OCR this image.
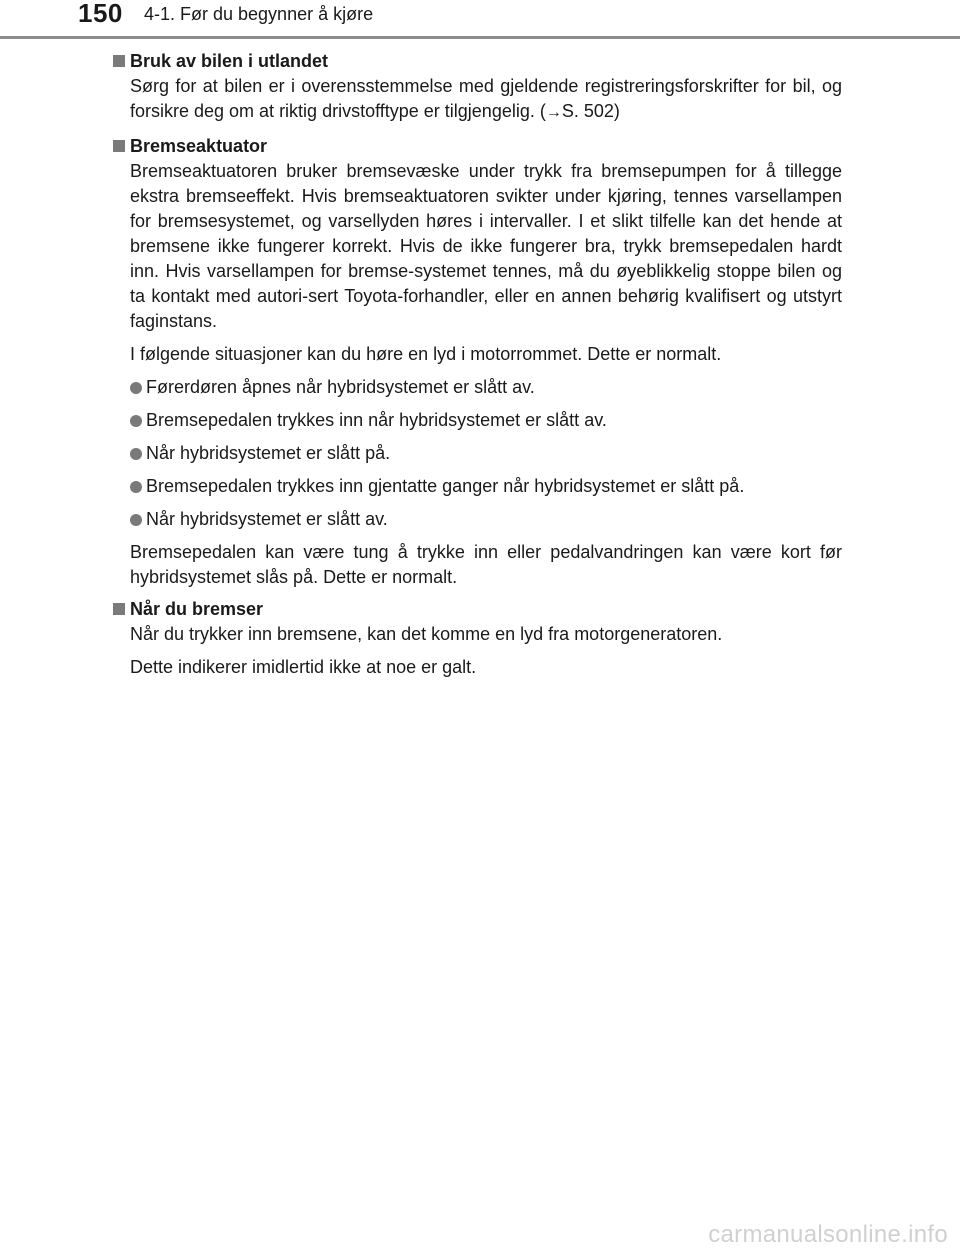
150 4-1. Før du begynner å kjøre
Bruk av bilen i utlandet

Sørg for at bilen er i overensstemmelse med gjeldende registreringsforskrifter for bil, og forsikre deg om at riktig drivstofftype er tilgjengelig. (→S. 502)

Bremseaktuator

Bremseaktuatoren bruker bremsevæske under trykk fra bremsepumpen for å tillegge ekstra bremseeffekt. Hvis bremseaktuatoren svikter under kjøring, tennes varsellampen for bremsesystemet, og varsellyden høres i intervaller. I et slikt tilfelle kan det hende at bremsene ikke fungerer korrekt. Hvis de ikke fungerer bra, trykk bremsepedalen hardt inn. Hvis varsellampen for bremse-systemet tennes, må du øyeblikkelig stoppe bilen og ta kontakt med autori-sert Toyota-forhandler, eller en annen behørig kvalifisert og utstyrt faginstans.

I følgende situasjoner kan du høre en lyd i motorrommet. Dette er normalt.

Førerdøren åpnes når hybridsystemet er slått av.
Bremsepedalen trykkes inn når hybridsystemet er slått av.
Når hybridsystemet er slått på.
Bremsepedalen trykkes inn gjentatte ganger når hybridsystemet er slått på.
Når hybridsystemet er slått av.

Bremsepedalen kan være tung å trykke inn eller pedalvandringen kan være kort før hybridsystemet slås på. Dette er normalt.

Når du bremser

Når du trykker inn bremsene, kan det komme en lyd fra motorgeneratoren.

Dette indikerer imidlertid ikke at noe er galt.

carmanualsonline.info
